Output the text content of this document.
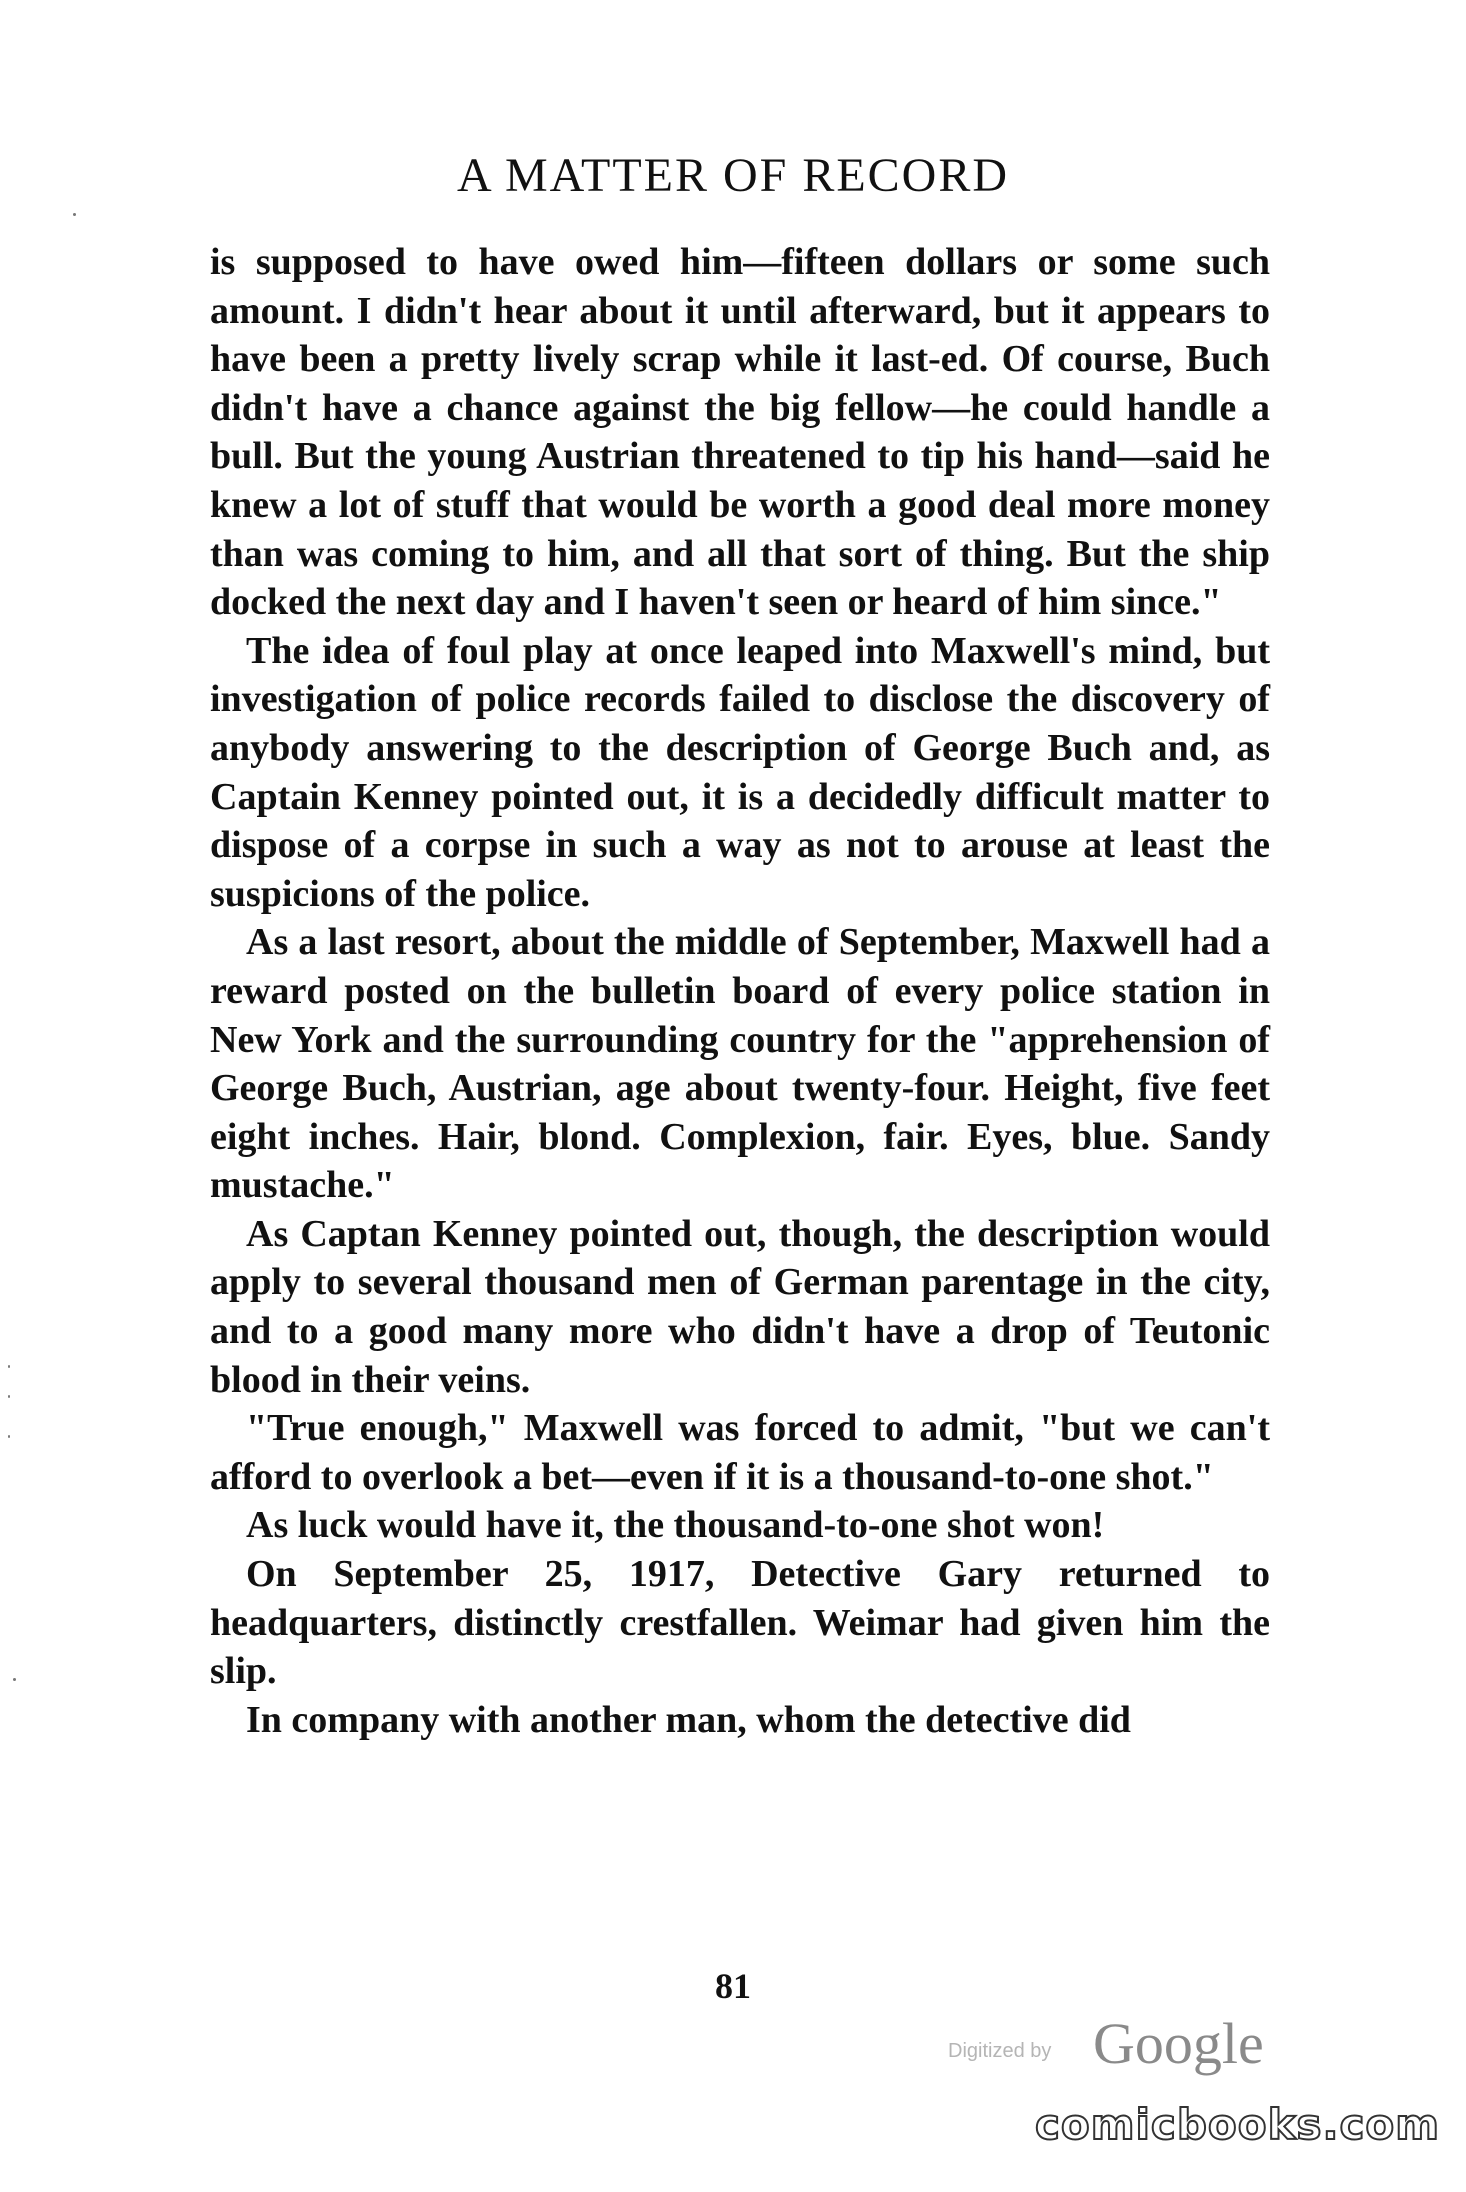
A MATTER OF RECORD

is supposed to have owed him—fifteen dollars or some such amount. I didn't hear about it until afterward, but it appears to have been a pretty lively scrap while it last-ed. Of course, Buch didn't have a chance against the big fellow—he could handle a bull. But the young Austrian threatened to tip his hand—said he knew a lot of stuff that would be worth a good deal more money than was coming to him, and all that sort of thing. But the ship docked the next day and I haven't seen or heard of him since."

The idea of foul play at once leaped into Maxwell's mind, but investigation of police records failed to disclose the discovery of anybody answering to the description of George Buch and, as Captain Kenney pointed out, it is a decidedly difficult matter to dispose of a corpse in such a way as not to arouse at least the suspicions of the police.

As a last resort, about the middle of September, Maxwell had a reward posted on the bulletin board of every police station in New York and the surrounding country for the "apprehension of George Buch, Austrian, age about twenty-four. Height, five feet eight inches. Hair, blond. Complexion, fair. Eyes, blue. Sandy mustache."

As Captan Kenney pointed out, though, the description would apply to several thousand men of German parentage in the city, and to a good many more who didn't have a drop of Teutonic blood in their veins.

"True enough," Maxwell was forced to admit, "but we can't afford to overlook a bet—even if it is a thousand-to-one shot."

As luck would have it, the thousand-to-one shot won!

On September 25, 1917, Detective Gary returned to headquarters, distinctly crestfallen. Weimar had given him the slip.

In company with another man, whom the detective did

81
Digitized by Google
comicbooks.com
